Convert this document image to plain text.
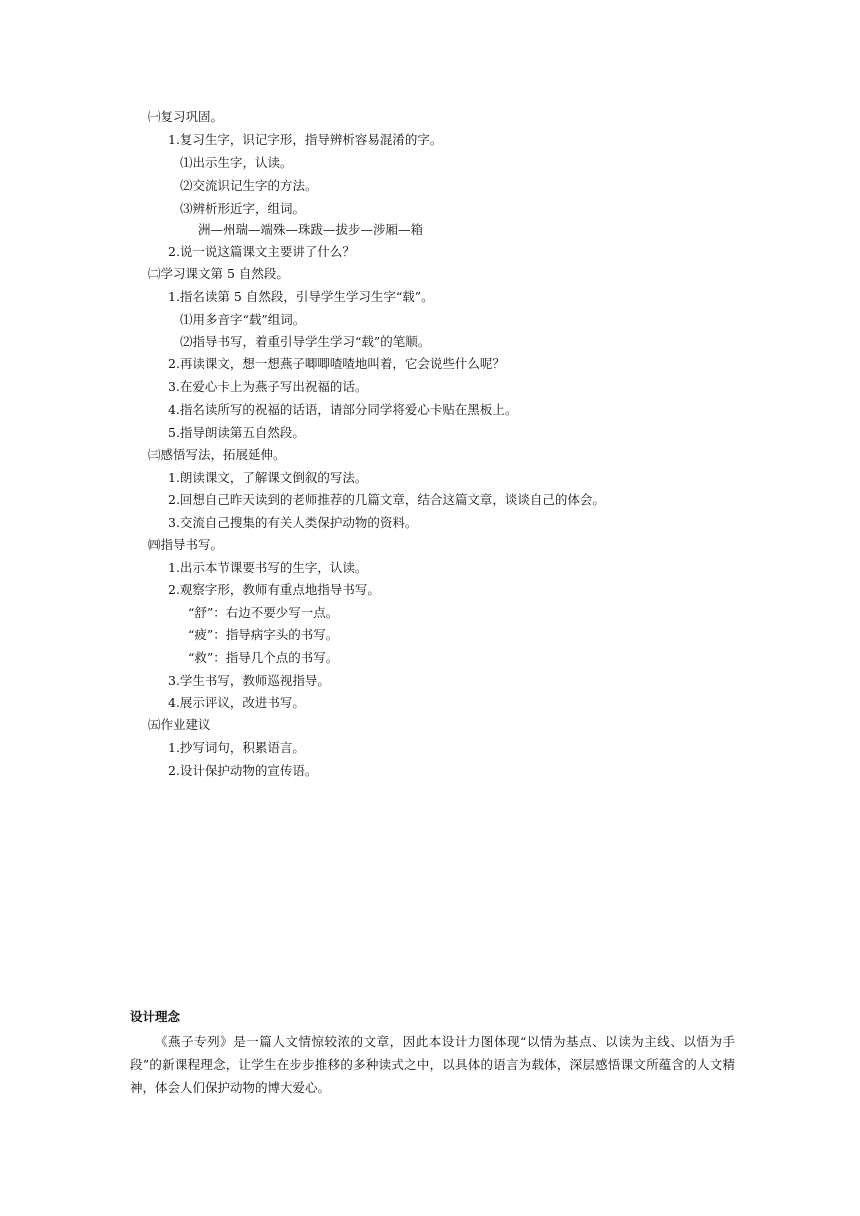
㈠复习巩固。
1.复习生字，识记字形，指导辨析容易混淆的字。
⑴出示生字，认读。
⑵交流识记生字的方法。
⑶辨析形近字，组词。
洲—州瑞—端殊—珠跋—拔步—涉厢—箱
2.说一说这篇课文主要讲了什么？
㈡学习课文第 5 自然段。
1.指名读第 5 自然段，引导学生学习生字“载”。
⑴用多音字“载”组词。
⑵指导书写，着重引导学生学习“载”的笔顺。
2.再读课文，想一想燕子唧唧喳喳地叫着，它会说些什么呢？
3.在爱心卡上为燕子写出祝福的话。
4.指名读所写的祝福的话语，请部分同学将爱心卡贴在黑板上。
5.指导朗读第五自然段。
㈢感悟写法，拓展延伸。
1.朗读课文，了解课文倒叙的写法。
2.回想自己昨天读到的老师推荐的几篇文章，结合这篇文章，谈谈自己的体会。
3.交流自己搜集的有关人类保护动物的资料。
㈣指导书写。
1.出示本节课要书写的生字，认读。
2.观察字形，教师有重点地指导书写。
“舒”：右边不要少写一点。
“疲”：指导病字头的书写。
“救”：指导几个点的书写。
3.学生书写，教师巡视指导。
4.展示评议，改进书写。
㈤作业建议
1.抄写词句，积累语言。
2.设计保护动物的宣传语。
设计理念
《燕子专列》是一篇人文情惊较浓的文章，因此本设计力图体现“以情为基点、以读为主线、以悟为手段”的新课程理念，让学生在步步推移的多种读式之中，以具体的语言为载体，深层感悟课文所蕴含的人文精神，体会人们保护动物的博大爱心。
